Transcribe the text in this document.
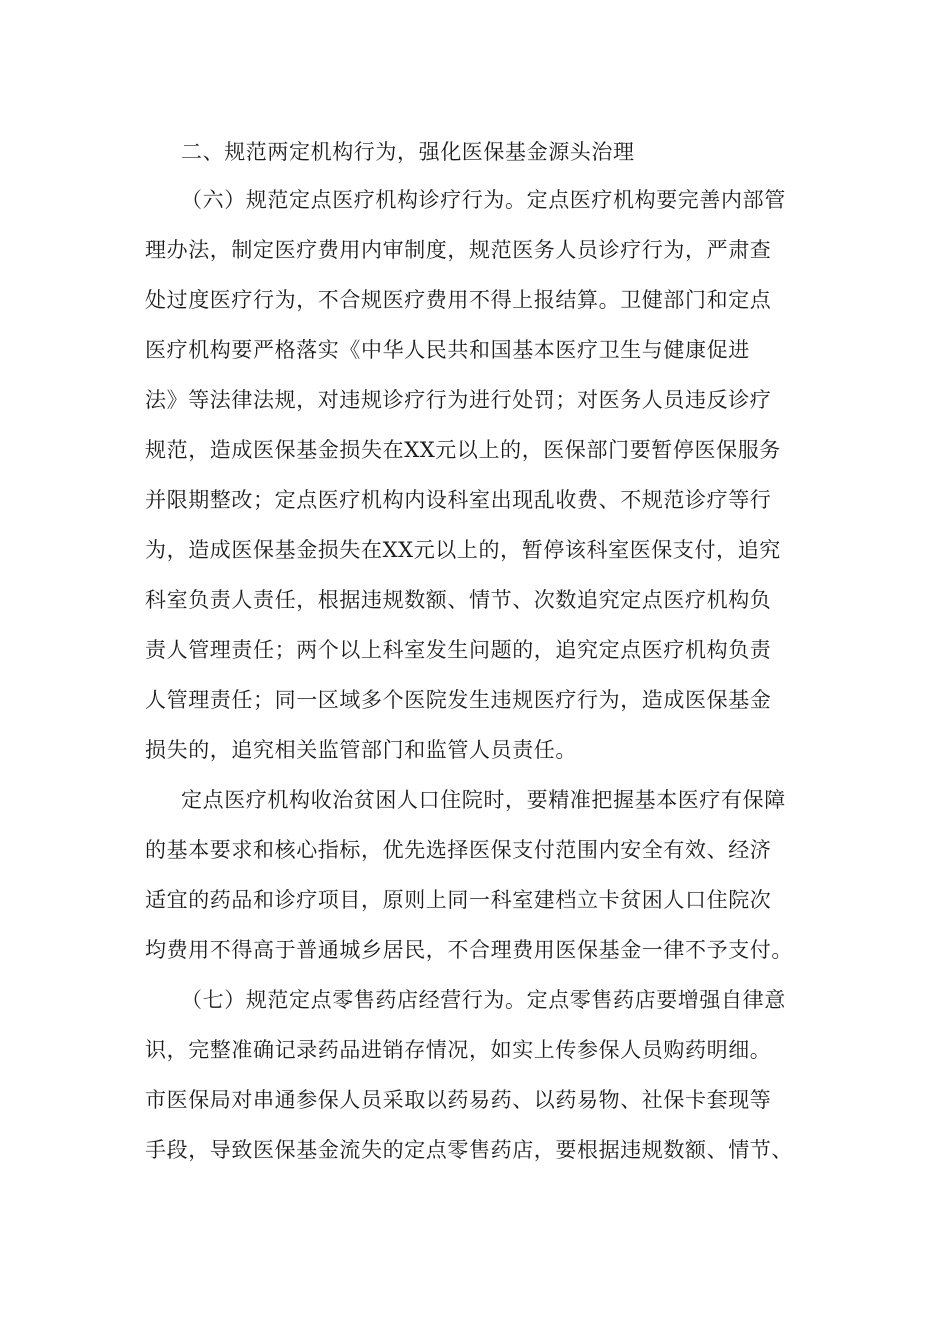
二、规范两定机构行为，强化医保基金源头治理
（六）规范定点医疗机构诊疗行为。定点医疗机构要完善内部管
理办法，制定医疗费用内审制度，规范医务人员诊疗行为，严肃查
处过度医疗行为，不合规医疗费用不得上报结算。卫健部门和定点
医疗机构要严格落实《中华人民共和国基本医疗卫生与健康促进
法》等法律法规，对违规诊疗行为进行处罚；对医务人员违反诊疗
规范，造成医保基金损失在XX元以上的，医保部门要暂停医保服务
并限期整改；定点医疗机构内设科室出现乱收费、不规范诊疗等行
为，造成医保基金损失在XX元以上的，暂停该科室医保支付，追究
科室负责人责任，根据违规数额、情节、次数追究定点医疗机构负
责人管理责任；两个以上科室发生问题的，追究定点医疗机构负责
人管理责任；同一区域多个医院发生违规医疗行为，造成医保基金
损失的，追究相关监管部门和监管人员责任。
定点医疗机构收治贫困人口住院时，要精准把握基本医疗有保障
的基本要求和核心指标，优先选择医保支付范围内安全有效、经济
适宜的药品和诊疗项目，原则上同一科室建档立卡贫困人口住院次
均费用不得高于普通城乡居民，不合理费用医保基金一律不予支付。
（七）规范定点零售药店经营行为。定点零售药店要增强自律意
识，完整准确记录药品进销存情况，如实上传参保人员购药明细。
市医保局对串通参保人员采取以药易药、以药易物、社保卡套现等
手段，导致医保基金流失的定点零售药店，要根据违规数额、情节、
